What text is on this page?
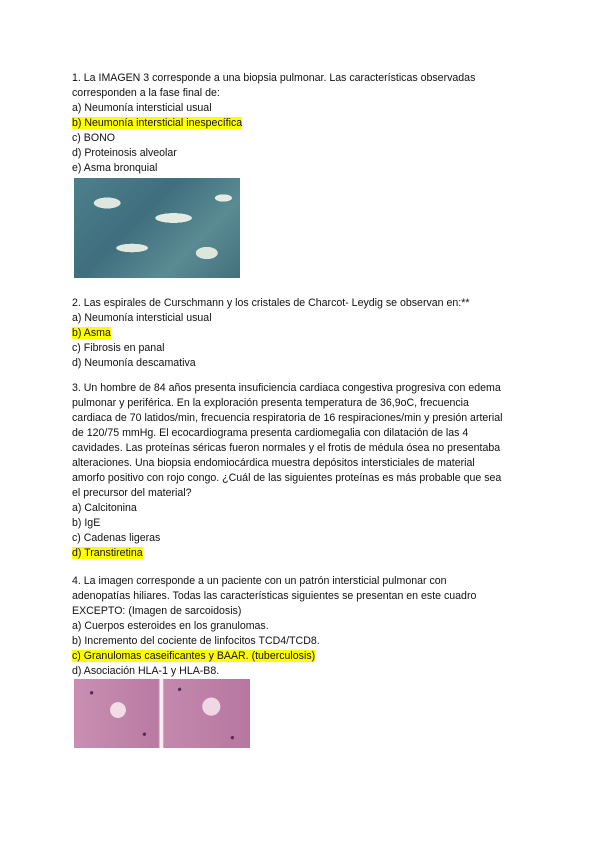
1. La IMAGEN 3 corresponde a una biopsia pulmonar. Las características observadas
corresponden a la fase final de:
a) Neumonía intersticial usual
b) Neumonía intersticial inespecífica
c) BONO
d) Proteinosis alveolar
e) Asma bronquial
2. Las espirales de Curschmann y los cristales de Charcot- Leydig se observan en:**
a) Neumonía intersticial usual
b) Asma
c) Fibrosis en panal
d) Neumonía descamativa
3. Un hombre de 84 años presenta insuficiencia cardiaca congestiva progresiva con edema
pulmonar y periférica. En la exploración presenta temperatura de 36,9oC, frecuencia
cardiaca de 70 latidos/min, frecuencia respiratoria de 16 respiraciones/min y presión arterial
de 120/75 mmHg. El ecocardiograma presenta cardiomegalia con dilatación de las 4
cavidades. Las proteínas séricas fueron normales y el frotis de médula ósea no presentaba
alteraciones. Una biopsia endomiocárdica muestra depósitos intersticiales de material
amorfo positivo con rojo congo. ¿Cuál de las siguientes proteínas es más probable que sea
el precursor del material?
a) Calcitonina
b) IgE
c) Cadenas ligeras
d) Transtiretina
4. La imagen corresponde a un paciente con un patrón intersticial pulmonar con
adenopatías hiliares. Todas las características siguientes se presentan en este cuadro
EXCEPTO: (Imagen de sarcoidosis)
a) Cuerpos esteroides en los granulomas.
b) Incremento del cociente de linfocitos TCD4/TCD8.
c) Granulomas caseificantes y BAAR. (tuberculosis)
d) Asociación HLA-1 y HLA-B8.
